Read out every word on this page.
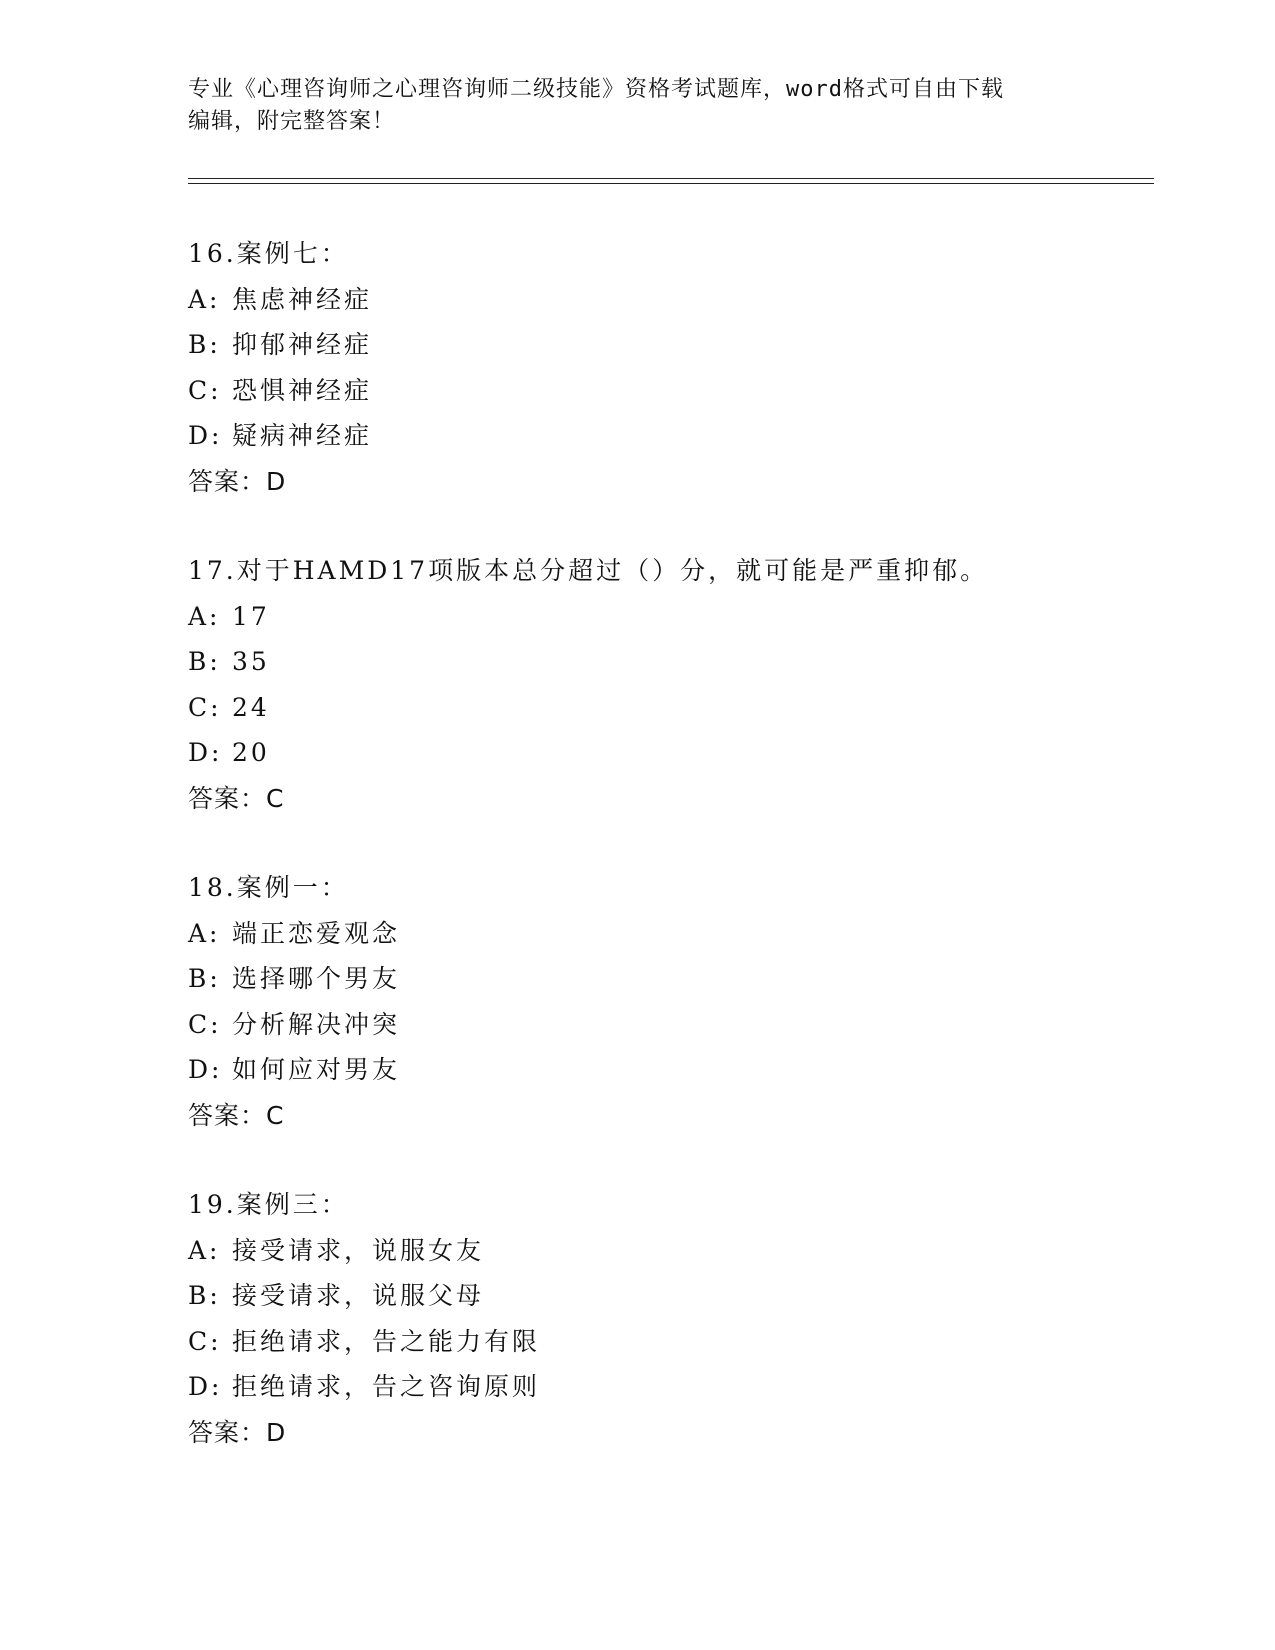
专业《心理咨询师之心理咨询师二级技能》资格考试题库，word格式可自由下载
编辑，附完整答案！
16.案例七：
A: 焦虑神经症
B: 抑郁神经症
C: 恐惧神经症
D: 疑病神经症
答案：D
17.对于HAMD17项版本总分超过（）分，就可能是严重抑郁。
A: 17
B: 35
C: 24
D: 20
答案：C
18.案例一：
A: 端正恋爱观念
B: 选择哪个男友
C: 分析解决冲突
D: 如何应对男友
答案：C
19.案例三：
A: 接受请求，说服女友
B: 接受请求，说服父母
C: 拒绝请求，告之能力有限
D: 拒绝请求，告之咨询原则
答案：D
